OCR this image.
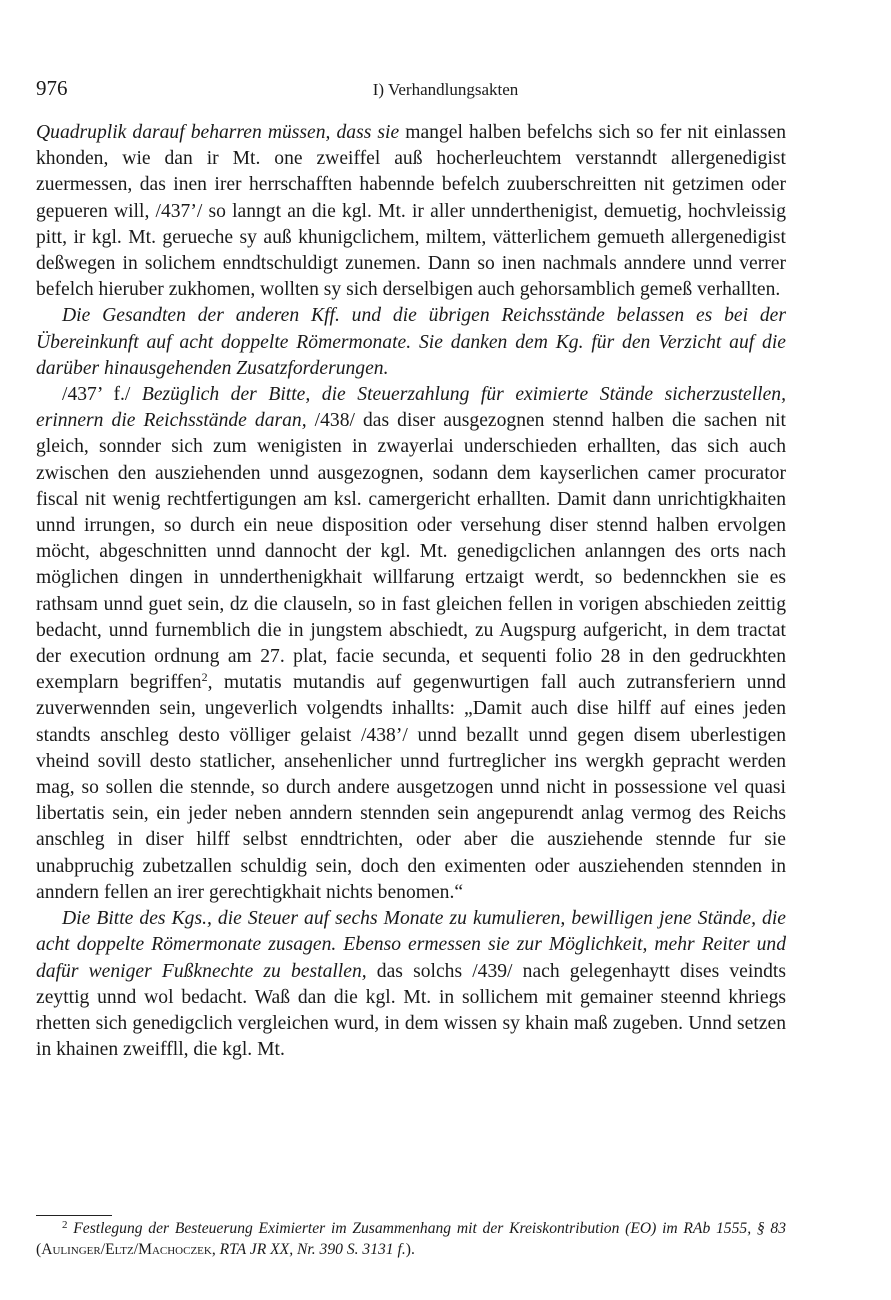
976	I) Verhandlungsakten

Quadruplik darauf beharren müssen, dass sie mangel halben befelchs sich so fer nit einlassen khonden, wie dan ir Mt. one zweiffel auß hocherleuchtem verstanndt allergenedigist zuermessen, das inen irer herrschafften habennde befelch zuuberschreitten nit getzimen oder gepueren will, /437’/ so lanngt an die kgl. Mt. ir aller unnderthenigist, demuetig, hochvleissig pitt, ir kgl. Mt. gerueche sy auß khunigclichem, miltem, vätterlichem gemueth allergenedigist deßwegen in solichem enndtschuldigt zunemen. Dann so inen nachmals anndere unnd verrer befelch hieruber zukhomen, wollten sy sich derselbigen auch gehorsamblich gemeß verhallten.

Die Gesandten der anderen Kff. und die übrigen Reichsstände belassen es bei der Übereinkunft auf acht doppelte Römermonate. Sie danken dem Kg. für den Verzicht auf die darüber hinausgehenden Zusatzforderungen.

/437’ f./ Bezüglich der Bitte, die Steuerzahlung für eximierte Stände sicherzustellen, erinnern die Reichsstände daran, /438/ das diser ausgezognen stennd halben die sachen nit gleich, sonnder sich zum wenigisten in zwayerlai underschieden erhallten, das sich auch zwischen den ausziehenden unnd ausgezognen, sodann dem kayserlichen camer procurator fiscal nit wenig rechtfertigungen am ksl. camergericht erhallten. Damit dann unrichtigkhaiten unnd irrungen, so durch ein neue disposition oder versehung diser stennd halben ervolgen möcht, abgeschnitten unnd dannocht der kgl. Mt. genedigclichen anlanngen des orts nach möglichen dingen in unnderthenigkhait willfarung ertzaigt werdt, so bedennckhen sie es rathsam unnd guet sein, dz die clauseln, so in fast gleichen fellen in vorigen abschieden zeittig bedacht, unnd furnemblich die in jungstem abschiedt, zu Augspurg aufgericht, in dem tractat der execution ordnung am 27. plat, facie secunda, et sequenti folio 28 in den gedruckhten exemplarn begriffen$^2$, mutatis mutandis auf gegenwurtigen fall auch zutransferiern unnd zuverwennden sein, ungeverlich volgendts inhallts: „Damit auch dise hilff auf eines jeden standts anschleg desto völliger gelaist /438’/ unnd bezallt unnd gegen disem uberlestigen vheind sovill desto statlicher, ansehenlicher unnd furtreglicher ins wergkh gepracht werden mag, so sollen die stennde, so durch andere ausgetzogen unnd nicht in possessione vel quasi libertatis sein, ein jeder neben anndern stennden sein angepurendt anlag vermog des Reichs anschleg in diser hilff selbst enndtrichten, oder aber die ausziehende stennde fur sie unabpruchig zubetzallen schuldig sein, doch den eximenten oder ausziehenden stennden in anndern fellen an irer gerechtigkhait nichts benomen.“

Die Bitte des Kgs., die Steuer auf sechs Monate zu kumulieren, bewilligen jene Stände, die acht doppelte Römermonate zusagen. Ebenso ermessen sie zur Möglichkeit, mehr Reiter und dafür weniger Fußknechte zu bestallen, das solchs /439/ nach gelegenhaytt dises veindts zeyttig unnd wol bedacht. Waß dan die kgl. Mt. in sollichem mit gemainer steennd khriegs rhetten sich genedigclich vergleichen wurd, in dem wissen sy khain maß zugeben. Unnd setzen in khainen zweiffll, die kgl. Mt.

$^2$ Festlegung der Besteuerung Eximierter im Zusammenhang mit der Kreiskontribution (EO) im RAb 1555, § 83 (Aulinger/Eltz/Machoczek, RTA JR XX, Nr. 390 S. 3131 f.).
